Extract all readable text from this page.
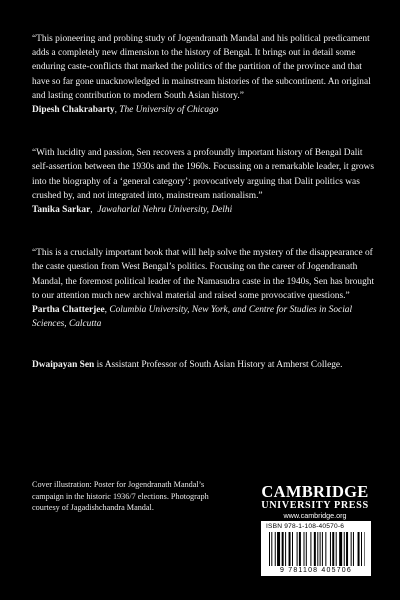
“This pioneering and probing study of Jogendranath Mandal and his political predicament adds a completely new dimension to the history of Bengal. It brings out in detail some enduring caste-conflicts that marked the politics of the partition of the province and that have so far gone unacknowledged in mainstream histories of the subcontinent. An original and lasting contribution to modern South Asian history.”

Dipesh Chakrabarty, The University of Chicago

“With lucidity and passion, Sen recovers a profoundly important history of Bengal Dalit self-assertion between the 1930s and the 1960s. Focussing on a remarkable leader, it grows into the biography of a ‘general category’: provocatively arguing that Dalit politics was crushed by, and not integrated into, mainstream nationalism.”

Tanika Sarkar,  Jawaharlal Nehru University, Delhi

“This is a crucially important book that will help solve the mystery of the disappearance of the caste question from West Bengal’s politics. Focusing on the career of Jogendranath Mandal, the foremost political leader of the Namasudra caste in the 1940s, Sen has brought to our attention much new archival material and raised some provocative questions.”

Partha Chatterjee, Columbia University, New York, and Centre for Studies in Social Sciences, Calcutta

Dwaipayan Sen is Assistant Professor of South Asian History at Amherst College.

Cover illustration: Poster for Jogendranath Mandal’s campaign in the historic 1936/7 elections. Photograph courtesy of Jagadishchandra Mandal.

CAMBRIDGE
UNIVERSITY PRESS
www.cambridge.org
ISBN 978-1-108-40570-6
9 781108 405706
